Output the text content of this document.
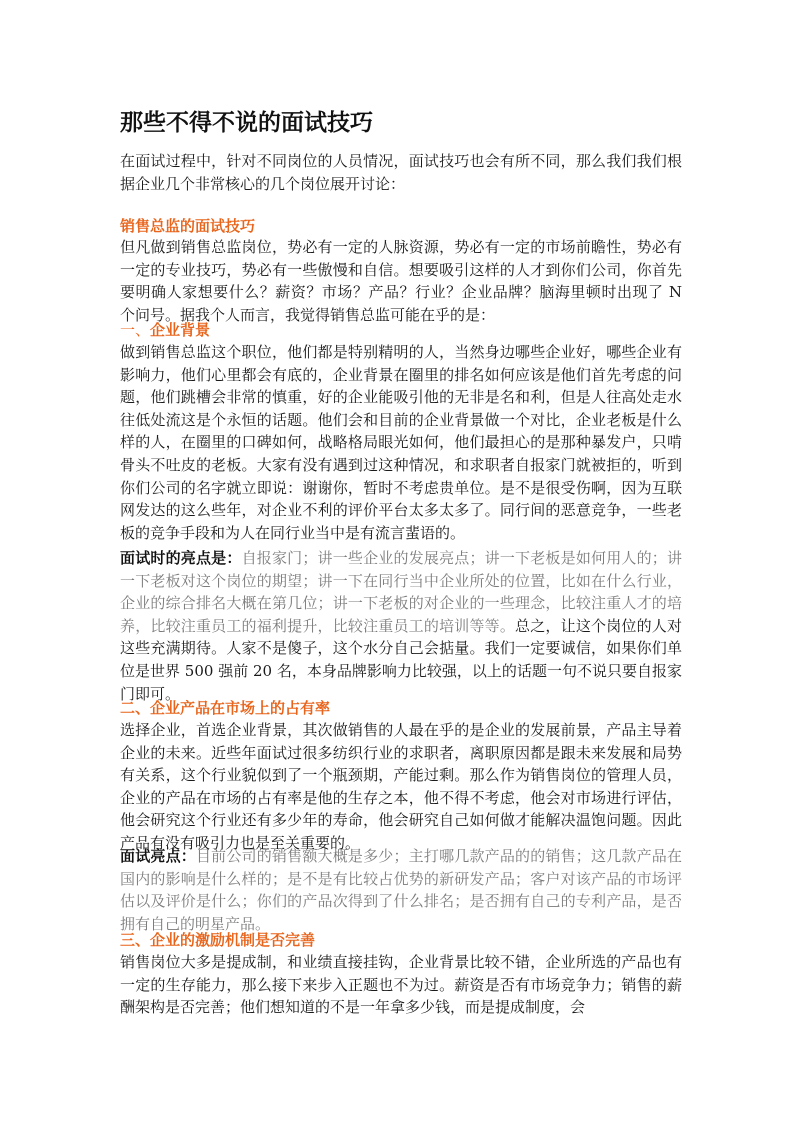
那些不得不说的面试技巧

在面试过程中，针对不同岗位的人员情况，面试技巧也会有所不同，那么我们我们根据企业几个非常核心的几个岗位展开讨论：

销售总监的面试技巧

但凡做到销售总监岗位，势必有一定的人脉资源，势必有一定的市场前瞻性，势必有一定的专业技巧，势必有一些傲慢和自信。想要吸引这样的人才到你们公司，你首先要明确人家想要什么？薪资？市场？产品？行业？企业品牌？脑海里顿时出现了 N 个问号。据我个人而言，我觉得销售总监可能在乎的是：

一、企业背景

做到销售总监这个职位，他们都是特别精明的人，当然身边哪些企业好，哪些企业有影响力，他们心里都会有底的，企业背景在圈里的排名如何应该是他们首先考虑的问题，他们跳槽会非常的慎重，好的企业能吸引他的无非是名和利，但是人往高处走水往低处流这是个永恒的话题。他们会和目前的企业背景做一个对比，企业老板是什么样的人，在圈里的口碑如何，战略格局眼光如何，他们最担心的是那种暴发户，只啃骨头不吐皮的老板。大家有没有遇到过这种情况，和求职者自报家门就被拒的，听到你们公司的名字就立即说：谢谢你，暂时不考虑贵单位。是不是很受伤啊，因为互联网发达的这么些年，对企业不利的评价平台太多太多了。同行间的恶意竞争，一些老板的竞争手段和为人在同行业当中是有流言蜚语的。

面试时的亮点是：自报家门；讲一些企业的发展亮点；讲一下老板是如何用人的；讲一下老板对这个岗位的期望；讲一下在同行当中企业所处的位置，比如在什么行业，企业的综合排名大概在第几位；讲一下老板的对企业的一些理念，比较注重人才的培养，比较注重员工的福利提升，比较注重员工的培训等等。总之，让这个岗位的人对这些充满期待。人家不是傻子，这个水分自己会掂量。我们一定要诚信，如果你们单位是世界 500 强前 20 名，本身品牌影响力比较强，以上的话题一句不说只要自报家门即可。

二、企业产品在市场上的占有率

选择企业，首选企业背景，其次做销售的人最在乎的是企业的发展前景，产品主导着企业的未来。近些年面试过很多纺织行业的求职者，离职原因都是跟未来发展和局势有关系，这个行业貌似到了一个瓶颈期，产能过剩。那么作为销售岗位的管理人员，企业的产品在市场的占有率是他的生存之本，他不得不考虑，他会对市场进行评估，他会研究这个行业还有多少年的寿命，他会研究自己如何做才能解决温饱问题。因此产品有没有吸引力也是至关重要的。

面试亮点：目前公司的销售额大概是多少；主打哪几款产品的的销售；这几款产品在国内的影响是什么样的；是不是有比较占优势的新研发产品；客户对该产品的市场评估以及评价是什么；你们的产品次得到了什么排名；是否拥有自己的专利产品，是否拥有自己的明星产品。

三、企业的激励机制是否完善

销售岗位大多是提成制，和业绩直接挂钩，企业背景比较不错，企业所选的产品也有一定的生存能力，那么接下来步入正题也不为过。薪资是否有市场竞争力；销售的薪酬架构是否完善；他们想知道的不是一年拿多少钱，而是提成制度，会
